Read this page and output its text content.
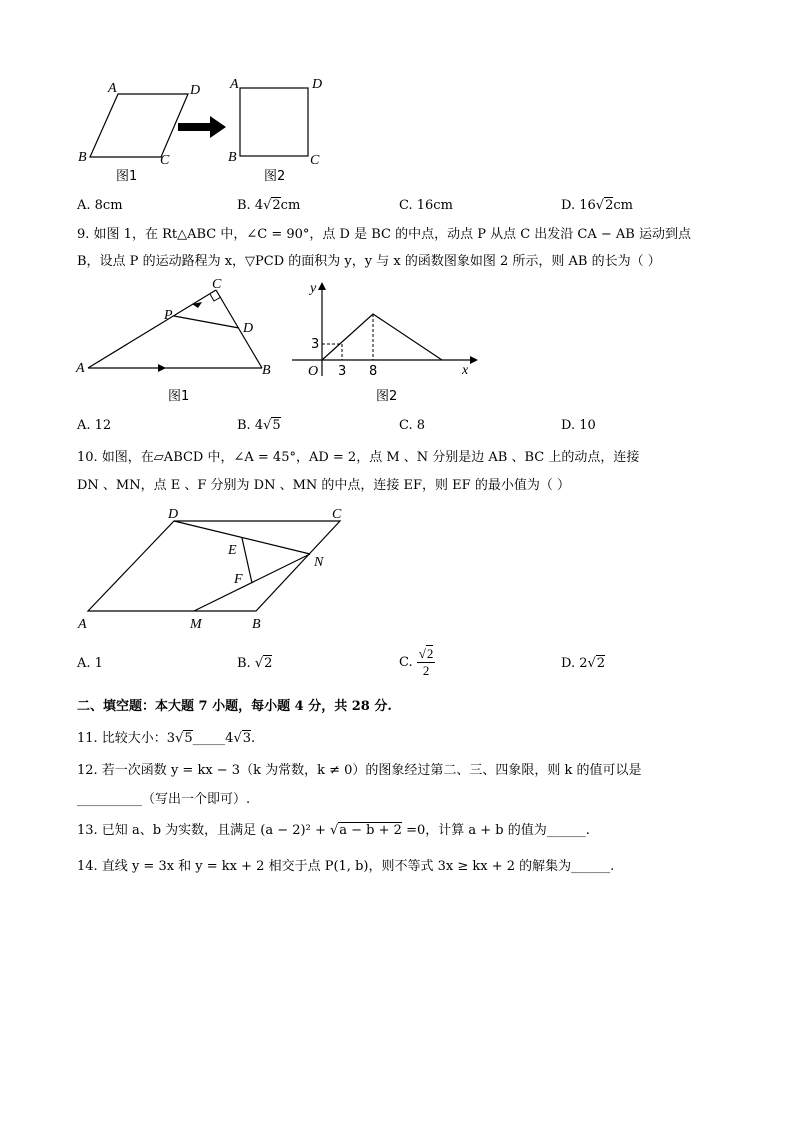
A	D
B	C
图1
A	D
B	C
图2
A. 8cm	B. 4√2cm	C. 16cm	D. 16√2cm
9. 如图 1，在 Rt△ABC 中，∠C = 90°，点 D 是 BC 的中点，动点 P 从点 C 出发沿 CA − AB 运动到点
B，设点 P 的运动路程为 x，▽PCD 的面积为 y，y 与 x 的函数图象如图 2 所示，则 AB 的长为（ ）
C
P
D
A	B
图1
y
x
O
3
3 8
图2
A. 12	B. 4√5	C. 8	D. 10
10. 如图，在▱ABCD 中，∠A = 45°，AD = 2，点 M 、N 分别是边 AB 、BC 上的动点，连接
DN 、MN，点 E 、F 分别为 DN 、MN 的中点，连接 EF，则 EF 的最小值为（ ）
D	C
E
F
N
A	M	B
A. 1	B. √2	C. $\frac{√2}{2}$	D. 2√2
二、填空题：本大题 7 小题，每小题 4 分，共 28 分.
11. 比较大小：3√5_____4√3.
12. 若一次函数 y = kx − 3（k 为常数，k ≠ 0）的图象经过第二、三、四象限，则 k 的值可以是
__________（写出一个即可）.
13. 已知 a、b 为实数，且满足 (a − 2)² + √a − b + 2 =0，计算 a + b 的值为______.
14. 直线 y = 3x 和 y = kx + 2 相交于点 P(1, b)，则不等式 3x ≥ kx + 2 的解集为______.
